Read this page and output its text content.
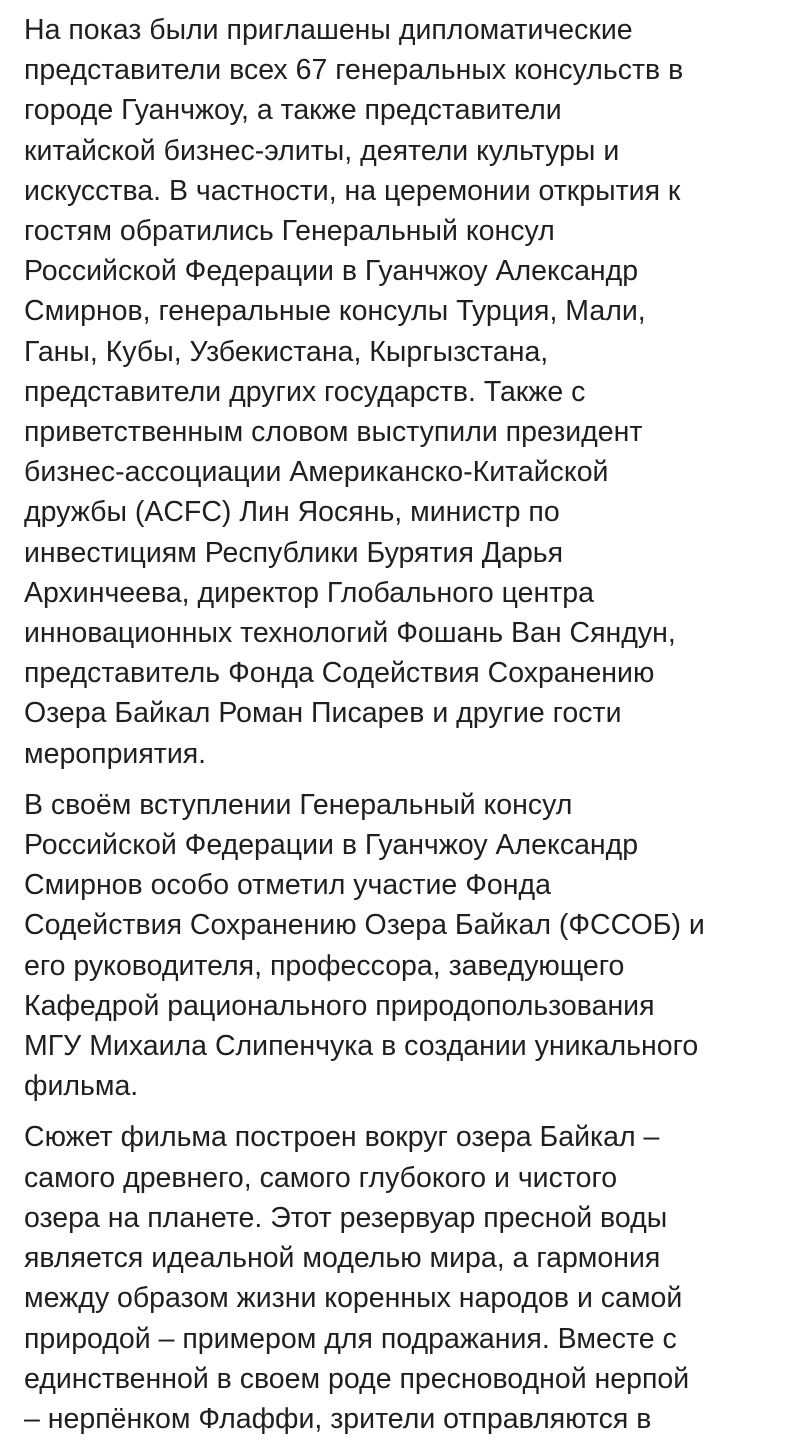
На показ были приглашены дипломатические
представители всех 67 генеральных консульств в
городе Гуанчжоу, а также представители
китайской бизнес-элиты, деятели культуры и
искусства. В частности, на церемонии открытия к
гостям обратились Генеральный консул
Российской Федерации в Гуанчжоу Александр
Смирнов, генеральные консулы Турция, Мали,
Ганы, Кубы, Узбекистана, Кыргызстана,
представители других государств. Также с
приветственным словом выступили президент
бизнес-ассоциации Американско-Китайской
дружбы (ACFC) Лин Яосянь, министр по
инвестициям Республики Бурятия Дарья
Архинчеева, директор Глобального центра
инновационных технологий Фошань Ван Сяндун,
представитель Фонда Содействия Сохранению
Озера Байкал Роман Писарев и другие гости
мероприятия.

В своём вступлении Генеральный консул
Российской Федерации в Гуанчжоу Александр
Смирнов особо отметил участие Фонда
Содействия Сохранению Озера Байкал (ФССОБ) и
его руководителя, профессора, заведующего
Кафедрой рационального природопользования
МГУ Михаила Слипенчука в создании уникального
фильма.

Сюжет фильма построен вокруг озера Байкал –
самого древнего, самого глубокого и чистого
озера на планете. Этот резервуар пресной воды
является идеальной моделью мира, а гармония
между образом жизни коренных народов и самой
природой – примером для подражания. Вместе с
единственной в своем роде пресноводной нерпой
– нерпёнком Флаффи, зрители отправляются в
